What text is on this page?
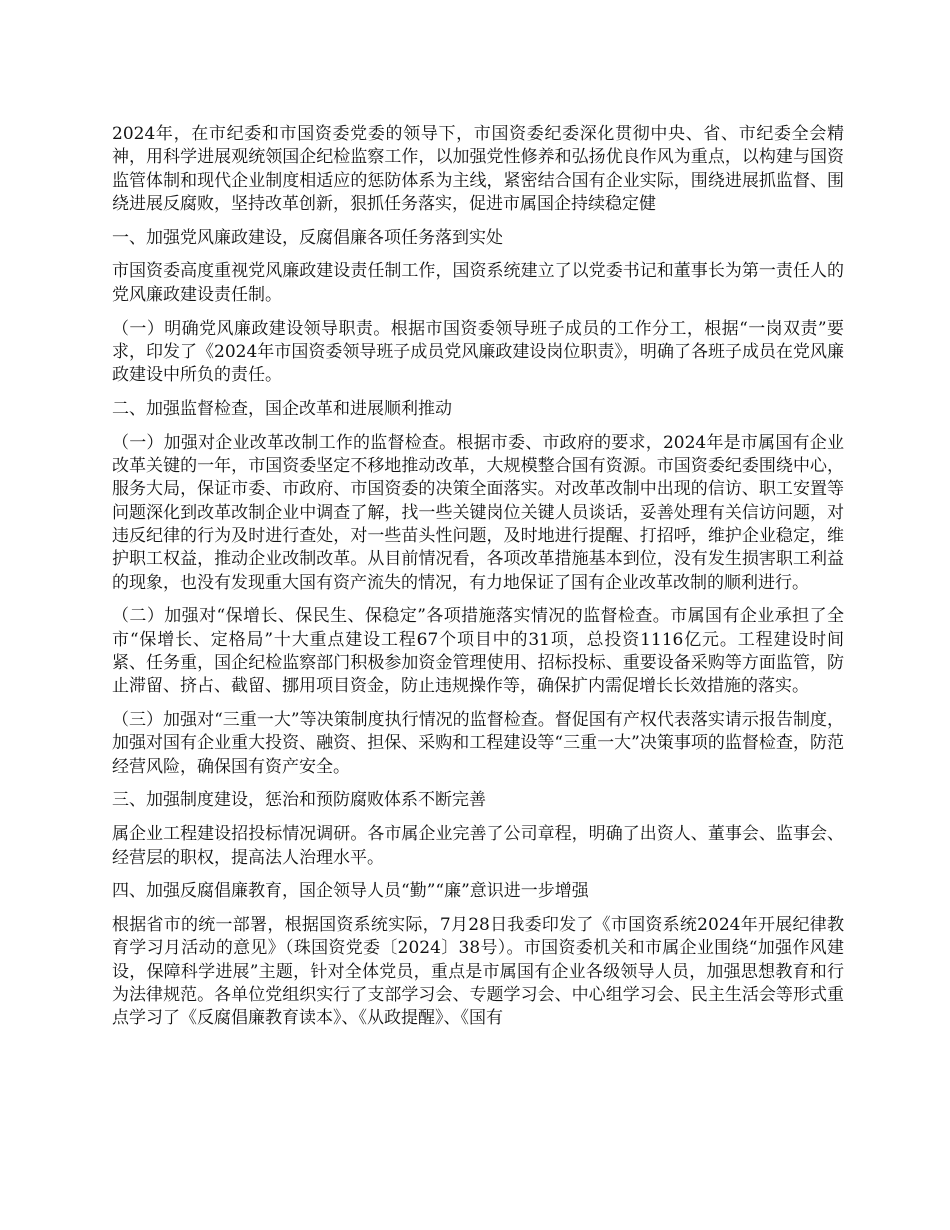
2024年，在市纪委和市国资委党委的领导下，市国资委纪委深化贯彻中央、省、市纪委全会精神，用科学进展观统领国企纪检监察工作，以加强党性修养和弘扬优良作风为重点，以构建与国资监管体制和现代企业制度相适应的惩防体系为主线，紧密结合国有企业实际，围绕进展抓监督、围绕进展反腐败，坚持改革创新，狠抓任务落实，促进市属国企持续稳定健

一、加强党风廉政建设，反腐倡廉各项任务落到实处

市国资委高度重视党风廉政建设责任制工作，国资系统建立了以党委书记和董事长为第一责任人的党风廉政建设责任制。

（一）明确党风廉政建设领导职责。根据市国资委领导班子成员的工作分工，根据“一岗双责”要求，印发了《2024年市国资委领导班子成员党风廉政建设岗位职责》，明确了各班子成员在党风廉政建设中所负的责任。

二、加强监督检查，国企改革和进展顺利推动

（一）加强对企业改革改制工作的监督检查。根据市委、市政府的要求，2024年是市属国有企业改革关键的一年，市国资委坚定不移地推动改革，大规模整合国有资源。市国资委纪委围绕中心，服务大局，保证市委、市政府、市国资委的决策全面落实。对改革改制中出现的信访、职工安置等问题深化到改革改制企业中调查了解，找一些关键岗位关键人员谈话，妥善处理有关信访问题，对违反纪律的行为及时进行查处，对一些苗头性问题，及时地进行提醒、打招呼，维护企业稳定，维护职工权益，推动企业改制改革。从目前情况看，各项改革措施基本到位，没有发生损害职工利益的现象，也没有发现重大国有资产流失的情况，有力地保证了国有企业改革改制的顺利进行。

（二）加强对“保增长、保民生、保稳定”各项措施落实情况的监督检查。市属国有企业承担了全市“保增长、定格局”十大重点建设工程67个项目中的31项，总投资1116亿元。工程建设时间紧、任务重，国企纪检监察部门积极参加资金管理使用、招标投标、重要设备采购等方面监管，防止滞留、挤占、截留、挪用项目资金，防止违规操作等，确保扩内需促增长长效措施的落实。

（三）加强对“三重一大”等决策制度执行情况的监督检查。督促国有产权代表落实请示报告制度，加强对国有企业重大投资、融资、担保、采购和工程建设等“三重一大”决策事项的监督检查，防范经营风险，确保国有资产安全。

三、加强制度建设，惩治和预防腐败体系不断完善

属企业工程建设招投标情况调研。各市属企业完善了公司章程，明确了出资人、董事会、监事会、经营层的职权，提高法人治理水平。

四、加强反腐倡廉教育，国企领导人员“勤”“廉”意识进一步增强

根据省市的统一部署，根据国资系统实际，7月28日我委印发了《市国资系统2024年开展纪律教育学习月活动的意见》（珠国资党委〔2024〕38号）。市国资委机关和市属企业围绕“加强作风建设，保障科学进展”主题，针对全体党员，重点是市属国有企业各级领导人员，加强思想教育和行为法律规范。各单位党组织实行了支部学习会、专题学习会、中心组学习会、民主生活会等形式重点学习了《反腐倡廉教育读本》、《从政提醒》、《国有
